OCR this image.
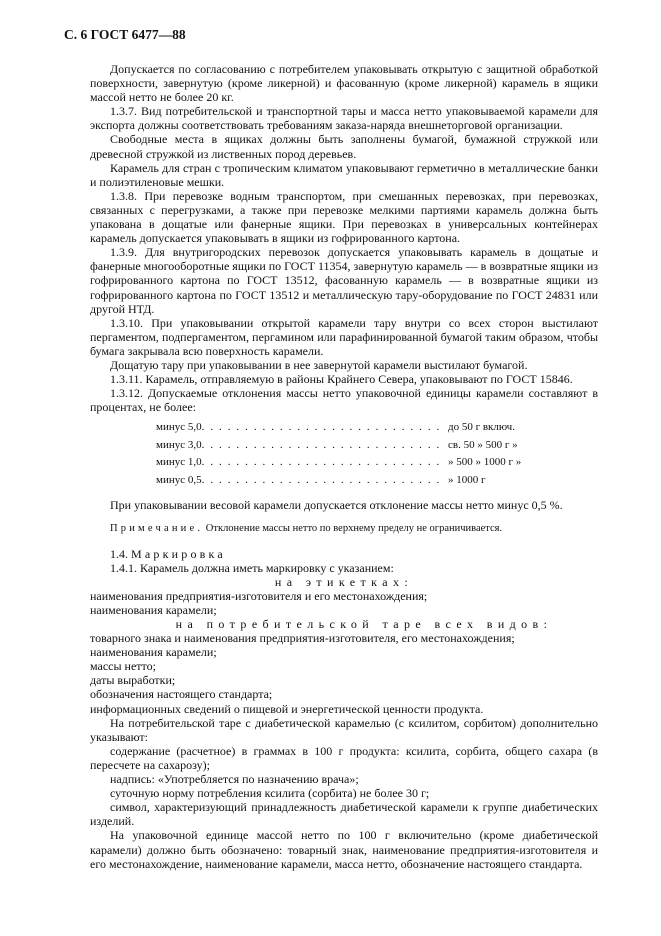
С. 6 ГОСТ 6477—88

Допускается по согласованию с потребителем упаковывать открытую с защитной обработкой поверхности, завернутую (кроме ликерной) и фасованную (кроме ликерной) карамель в ящики массой нетто не более 20 кг.

1.3.7. Вид потребительской и транспортной тары и масса нетто упаковываемой карамели для экспорта должны соответствовать требованиям заказа-наряда внешнеторговой организации.

Свободные места в ящиках должны быть заполнены бумагой, бумажной стружкой или древесной стружкой из лиственных пород деревьев.

Карамель для стран с тропическим климатом упаковывают герметично в металлические банки и полиэтиленовые мешки.

1.3.8. При перевозке водным транспортом, при смешанных перевозках, при перевозках, связанных с перегрузками, а также при перевозке мелкими партиями карамель должна быть упакована в дощатые или фанерные ящики. При перевозках в универсальных контейнерах карамель допускается упаковывать в ящики из гофрированного картона.

1.3.9. Для внутригородских перевозок допускается упаковывать карамель в дощатые и фанерные многооборотные ящики по ГОСТ 11354, завернутую карамель — в возвратные ящики из гофрированного картона по ГОСТ 13512, фасованную карамель — в возвратные ящики из гофрированного картона по ГОСТ 13512 и металлическую тару-оборудование по ГОСТ 24831 или другой НТД.

1.3.10. При упаковывании открытой карамели тару внутри со всех сторон выстилают пергаментом, подпергаментом, пергамином или парафинированной бумагой таким образом, чтобы бумага закрывала всю поверхность карамели.

Дощатую тару при упаковывании в нее завернутой карамели выстилают бумагой.

1.3.11. Карамель, отправляемую в районы Крайнего Севера, упаковывают по ГОСТ 15846.

1.3.12. Допускаемые отклонения массы нетто упаковочной единицы карамели составляют в процентах, не более:

минус 5,0 . . .	до 50 г включ.
минус 3,0 . . .	св. 50 » 500 г »
минус 1,0 . . .	» 500 » 1000 г »
минус 0,5 . . .	» 1000 г

При упаковывании весовой карамели допускается отклонение массы нетто минус 0,5 %.

Примечание. Отклонение массы нетто по верхнему пределу не ограничивается.

1.4. Маркировка

1.4.1. Карамель должна иметь маркировку с указанием:

на этикетках:

наименования предприятия-изготовителя и его местонахождения;

наименования карамели;

на потребительской таре всех видов:

товарного знака и наименования предприятия-изготовителя, его местонахождения;

наименования карамели;

массы нетто;

даты выработки;

обозначения настоящего стандарта;

информационных сведений о пищевой и энергетической ценности продукта.

На потребительской таре с диабетической карамелью (с ксилитом, сорбитом) дополнительно указывают:

содержание (расчетное) в граммах в 100 г продукта: ксилита, сорбита, общего сахара (в пересчете на сахарозу);

надпись: «Употребляется по назначению врача»;

суточную норму потребления ксилита (сорбита) не более 30 г;

символ, характеризующий принадлежность диабетической карамели к группе диабетических изделий.

На упаковочной единице массой нетто по 100 г включительно (кроме диабетической карамели) должно быть обозначено: товарный знак, наименование предприятия-изготовителя и его местонахождение, наименование карамели, масса нетто, обозначение настоящего стандарта.
